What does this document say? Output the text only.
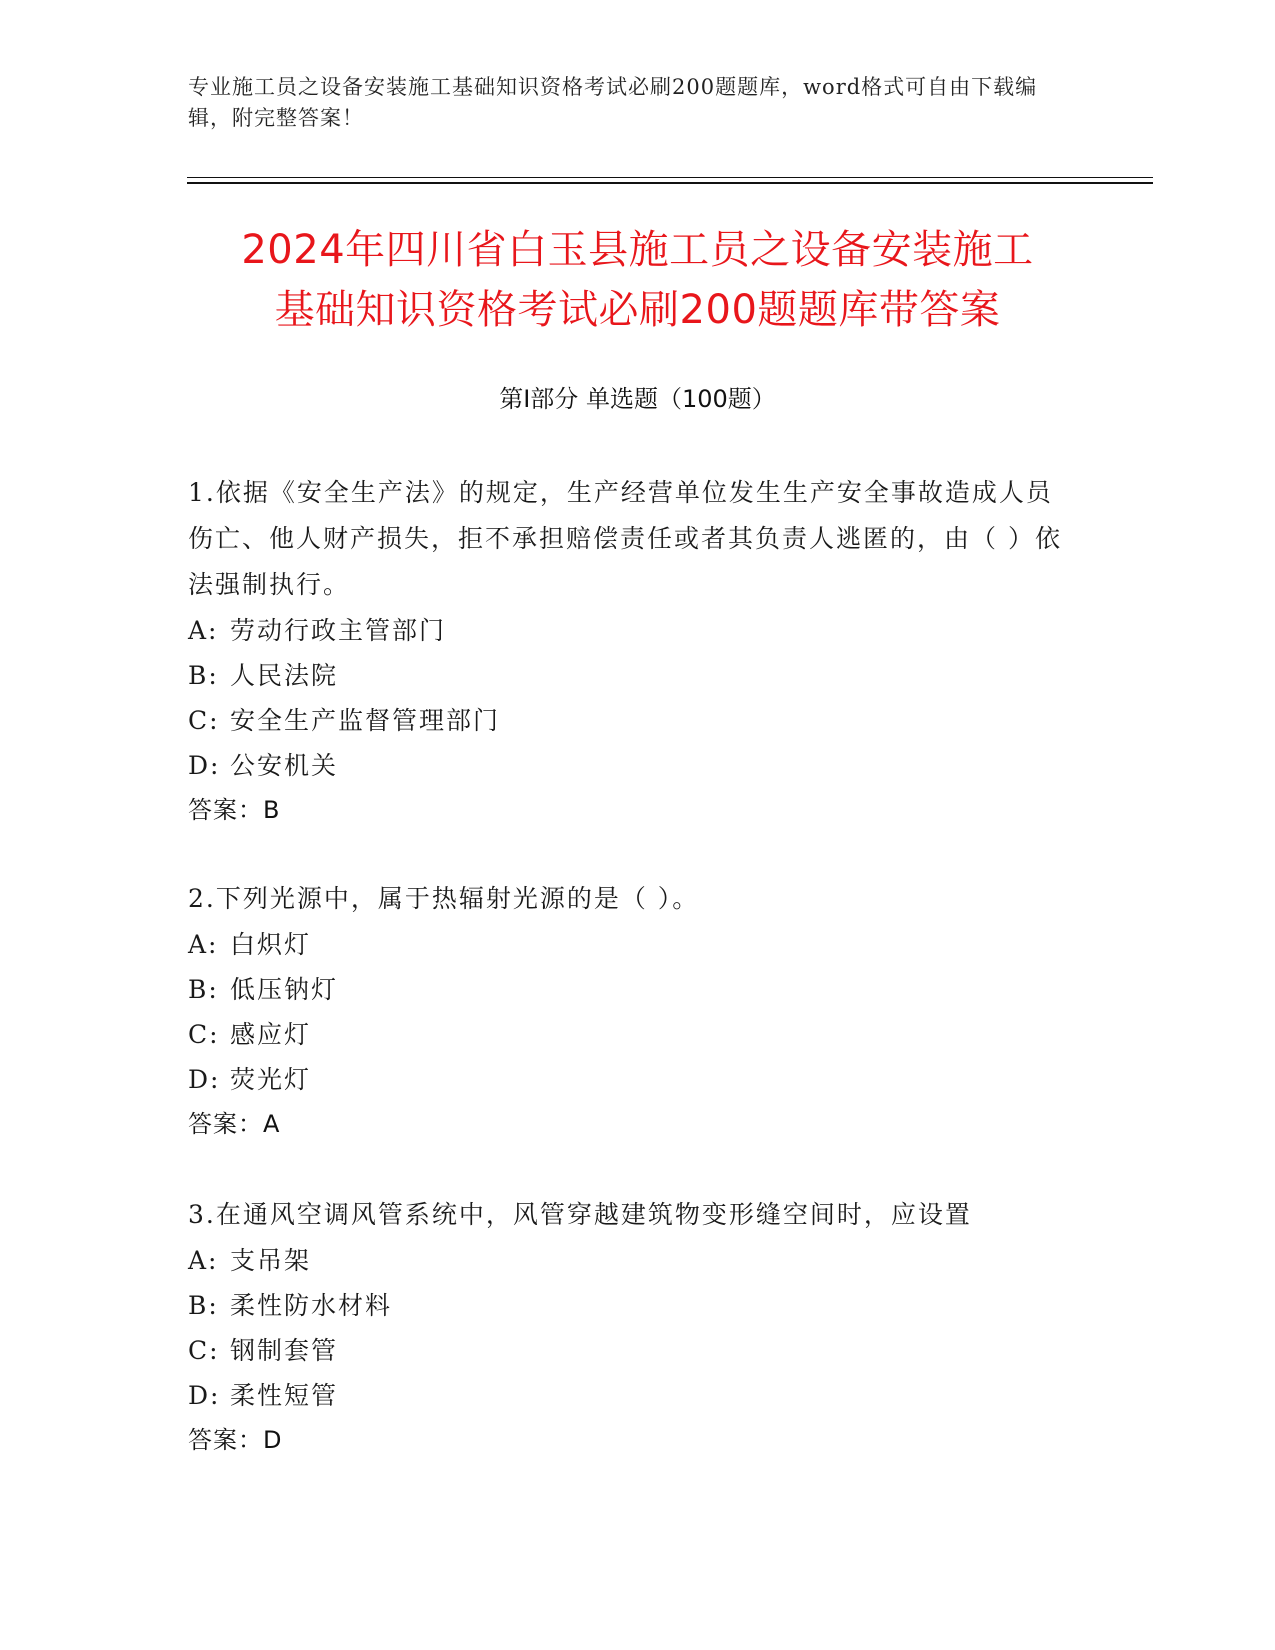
专业施工员之设备安装施工基础知识资格考试必刷200题题库，word格式可自由下载编辑，附完整答案！
2024年四川省白玉县施工员之设备安装施工
基础知识资格考试必刷200题题库带答案
第Ⅰ部分 单选题（100题）
1.依据《安全生产法》的规定，生产经营单位发生生产安全事故造成人员伤亡、他人财产损失，拒不承担赔偿责任或者其负责人逃匿的，由（ ）依法强制执行。
A: 劳动行政主管部门
B: 人民法院
C: 安全生产监督管理部门
D: 公安机关
答案：B
2.下列光源中，属于热辐射光源的是（ ）。
A: 白炽灯
B: 低压钠灯
C: 感应灯
D: 荧光灯
答案：A
3.在通风空调风管系统中，风管穿越建筑物变形缝空间时，应设置
A: 支吊架
B: 柔性防水材料
C: 钢制套管
D: 柔性短管
答案：D
